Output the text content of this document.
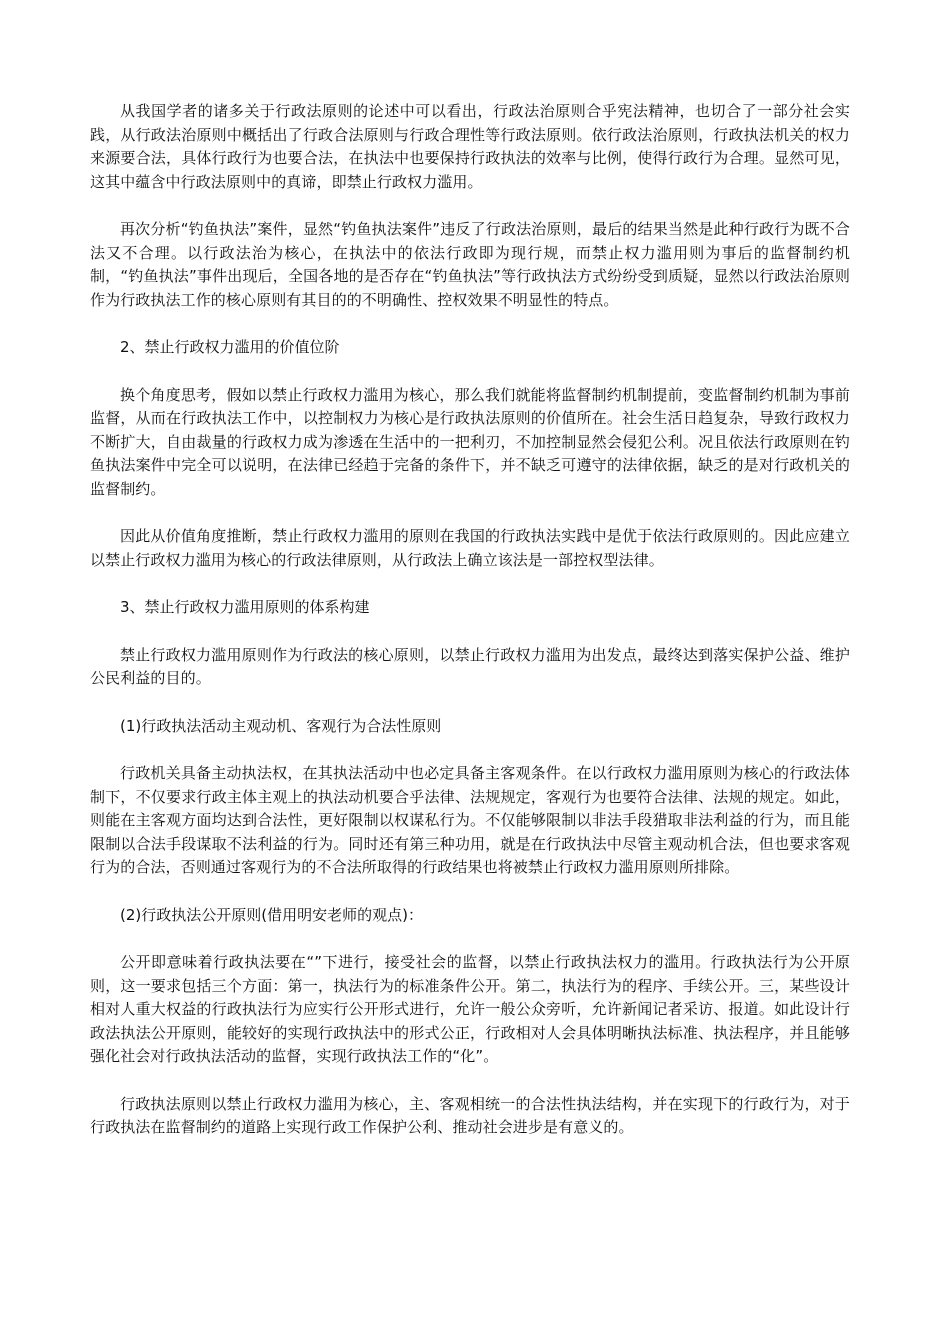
从我国学者的诸多关于行政法原则的论述中可以看出，行政法治原则合乎宪法精神，也切合了一部分社会实践，从行政法治原则中概括出了行政合法原则与行政合理性等行政法原则。依行政法治原则，行政执法机关的权力来源要合法，具体行政行为也要合法，在执法中也要保持行政执法的效率与比例，使得行政行为合理。显然可见，这其中蕴含中行政法原则中的真谛，即禁止行政权力滥用。

再次分析“钓鱼执法”案件，显然“钓鱼执法案件”违反了行政法治原则，最后的结果当然是此种行政行为既不合法又不合理。以行政法治为核心，在执法中的依法行政即为现行规，而禁止权力滥用则为事后的监督制约机制，“钓鱼执法”事件出现后，全国各地的是否存在“钓鱼执法”等行政执法方式纷纷受到质疑，显然以行政法治原则作为行政执法工作的核心原则有其目的的不明确性、控权效果不明显性的特点。

2、禁止行政权力滥用的价值位阶

换个角度思考，假如以禁止行政权力滥用为核心，那么我们就能将监督制约机制提前，变监督制约机制为事前监督，从而在行政执法工作中，以控制权力为核心是行政执法原则的价值所在。社会生活日趋复杂，导致行政权力不断扩大，自由裁量的行政权力成为渗透在生活中的一把利刃，不加控制显然会侵犯公利。况且依法行政原则在钓鱼执法案件中完全可以说明，在法律已经趋于完备的条件下，并不缺乏可遵守的法律依据，缺乏的是对行政机关的监督制约。

因此从价值角度推断，禁止行政权力滥用的原则在我国的行政执法实践中是优于依法行政原则的。因此应建立以禁止行政权力滥用为核心的行政法律原则，从行政法上确立该法是一部控权型法律。

3、禁止行政权力滥用原则的体系构建

禁止行政权力滥用原则作为行政法的核心原则，以禁止行政权力滥用为出发点，最终达到落实保护公益、维护公民利益的目的。

(1)行政执法活动主观动机、客观行为合法性原则

行政机关具备主动执法权，在其执法活动中也必定具备主客观条件。在以行政权力滥用原则为核心的行政法体制下，不仅要求行政主体主观上的执法动机要合乎法律、法规规定，客观行为也要符合法律、法规的规定。如此，则能在主客观方面均达到合法性，更好限制以权谋私行为。不仅能够限制以非法手段猎取非法利益的行为，而且能限制以合法手段谋取不法利益的行为。同时还有第三种功用，就是在行政执法中尽管主观动机合法，但也要求客观行为的合法，否则通过客观行为的不合法所取得的行政结果也将被禁止行政权力滥用原则所排除。

(2)行政执法公开原则(借用明安老师的观点)：

公开即意味着行政执法要在“”下进行，接受社会的监督，以禁止行政执法权力的滥用。行政执法行为公开原则，这一要求包括三个方面：第一，执法行为的标准条件公开。第二，执法行为的程序、手续公开。三，某些设计相对人重大权益的行政执法行为应实行公开形式进行，允许一般公众旁听，允许新闻记者采访、报道。如此设计行政法执法公开原则，能较好的实现行政执法中的形式公正，行政相对人会具体明晰执法标准、执法程序，并且能够强化社会对行政执法活动的监督，实现行政执法工作的“化”。

行政执法原则以禁止行政权力滥用为核心，主、客观相统一的合法性执法结构，并在实现下的行政行为，对于行政执法在监督制约的道路上实现行政工作保护公利、推动社会进步是有意义的。
